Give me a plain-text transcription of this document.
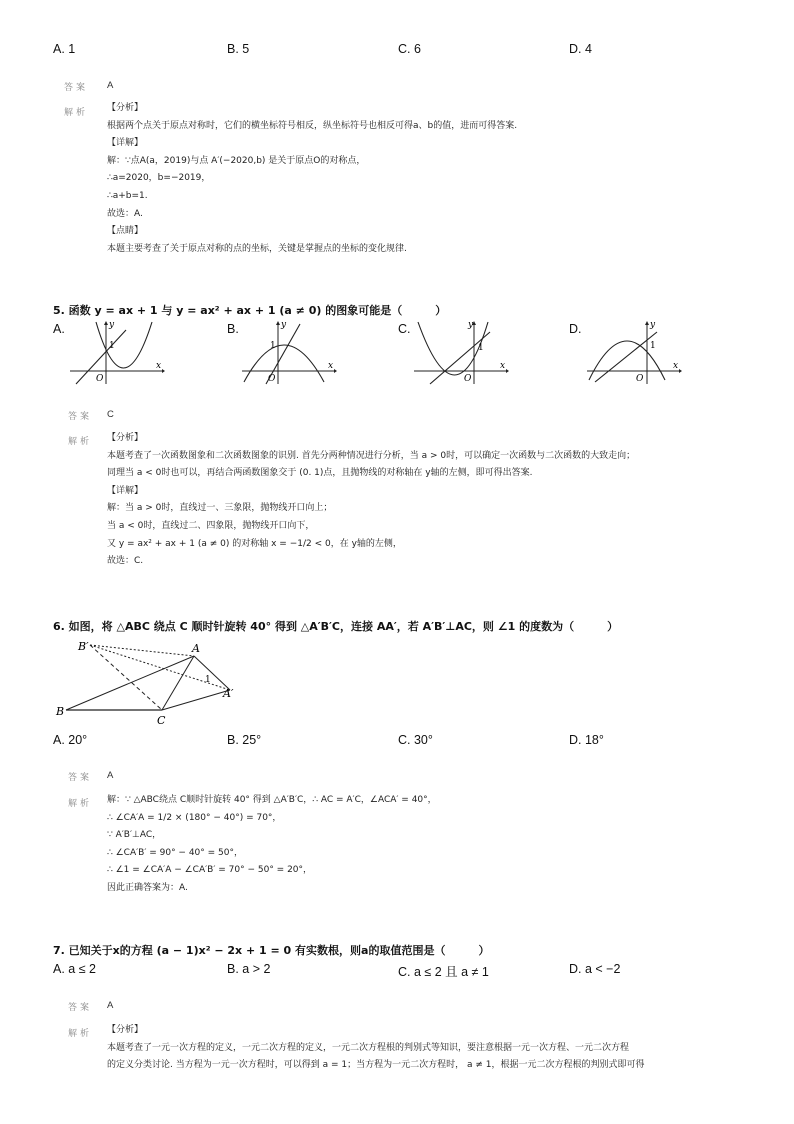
A. 1	B. 5	C. 6	D. 4
答案 A
解析 【分析】
根据两个点关于原点对称时，它们的横坐标符号相反，纵坐标符号也相反可得a、b的值，进而可得答案.
【详解】
解：∵点A(a，2019)与点 A′(−2020,b) 是关于原点O的对称点，
∴a=2020，b=−2019，
∴a+b=1.
故选：A.
【点睛】
本题主要考查了关于原点对称的点的坐标，关键是掌握点的坐标的变化规律.
5. 函数 y = ax + 1 与 y = ax² + ax + 1 (a ≠ 0) 的图象可能是（　　　）
A.	B.	C.	D.
y
x
O
1
y
x
O
1
y
x
O
1
y
x
O
1
答案 C
解析 【分析】
本题考查了一次函数图象和二次函数图象的识别. 首先分两种情况进行分析，当 a > 0时，可以确定一次函数与二次函数的大致走向；
同理当 a < 0时也可以，再结合两函数图象交于 (0. 1)点，且抛物线的对称轴在 y轴的左侧，即可得出答案.
【详解】
解：当 a > 0时，直线过一、三象限，抛物线开口向上；
当 a < 0时，直线过二、四象限，抛物线开口向下，
又 y = ax² + ax + 1 (a ≠ 0) 的对称轴 x = −1/2 < 0，在 y轴的左侧，
故选：C.
6. 如图，将 △ABC 绕点 C 顺时针旋转 40° 得到 △A′B′C，连接 AA′，若 A′B′⊥AC，则 ∠1 的度数为（　　　）
B′	A
1
A′
B
C
A. 20°	B. 25°	C. 30°	D. 18°
答案 A
解析 解：∵ △ABC绕点 C顺时针旋转 40° 得到 △A′B′C，∴ AC = A′C，∠ACA′ = 40°，
∴ ∠CA′A = 1/2 × (180° − 40°) = 70°，
∵ A′B′⊥AC，
∴ ∠CA′B′ = 90° − 40° = 50°，
∴ ∠1 = ∠CA′A − ∠CA′B′ = 70° − 50° = 20°，
因此正确答案为：A.
7. 已知关于x的方程 (a − 1)x² − 2x + 1 = 0 有实数根，则a的取值范围是（　　　）
A. a ≤ 2	B. a > 2	C. a ≤ 2 且 a ≠ 1	D. a < −2
答案 A
解析 【分析】
本题考查了一元一次方程的定义，一元二次方程的定义，一元二次方程根的判别式等知识，要注意根据一元一次方程、一元二次方程
的定义分类讨论. 当方程为一元一次方程时，可以得到 a = 1；当方程为一元二次方程时， a ≠ 1，根据一元二次方程根的判别式即可得
